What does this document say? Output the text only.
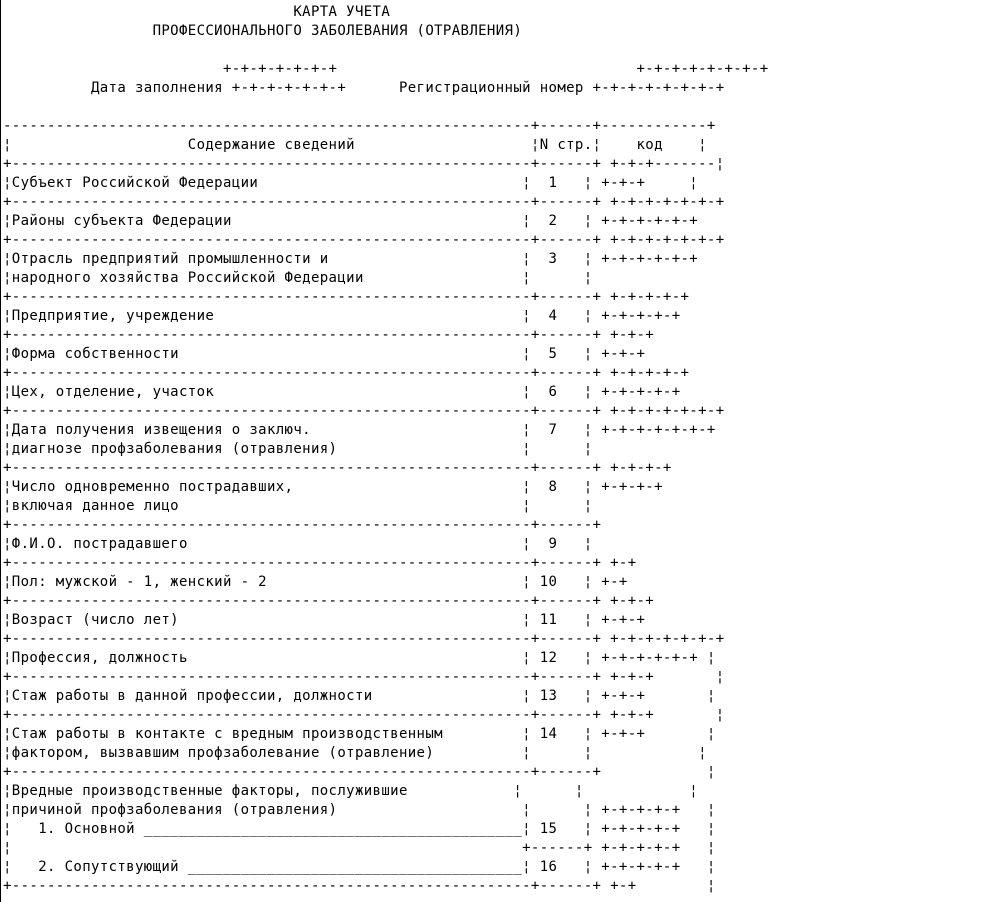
КАРТА УЧЕТА
ПРОФЕССИОНАЛЬНОГО ЗАБОЛЕВАНИЯ (ОТРАВЛЕНИЯ)

+-+-+-+-+-+-+                                  +-+-+-+-+-+-+-+
Дата заполнения +-+-+-+-+-+-+      Регистрационный номер +-+-+-+-+-+-+-+

------------------------------------------------------------+------+------------+
¦                    Содержание сведений                    ¦N стр.¦    код    ¦
+-----------------------------------------------------------+------+ +-+-+-------¦
¦Субъект Российской Федерации                              ¦  1   ¦ +-+-+     ¦
+-----------------------------------------------------------+------+ +-+-+-+-+-+-+
¦Районы субъекта Федерации                                 ¦  2   ¦ +-+-+-+-+-+
+-----------------------------------------------------------+------+ +-+-+-+-+-+-+
¦Отрасль предприятий промышленности и                      ¦  3   ¦ +-+-+-+-+-+
¦народного хозяйства Российской Федерации                  ¦      ¦
+-----------------------------------------------------------+------+ +-+-+-+-+
¦Предприятие, учреждение                                   ¦  4   ¦ +-+-+-+-+
+-----------------------------------------------------------+------+ +-+-+
¦Форма собственности                                       ¦  5   ¦ +-+-+
+-----------------------------------------------------------+------+ +-+-+-+-+
¦Цех, отделение, участок                                   ¦  6   ¦ +-+-+-+-+
+-----------------------------------------------------------+------+ +-+-+-+-+-+-+
¦Дата получения извещения о заключ.                        ¦  7   ¦ +-+-+-+-+-+-+
¦диагнозе профзаболевания (отравления)                     ¦      ¦
+-----------------------------------------------------------+------+ +-+-+-+
¦Число одновременно пострадавших,                          ¦  8   ¦ +-+-+-+
¦включая данное лицо                                       ¦      ¦
+-----------------------------------------------------------+------+
¦Ф.И.О. пострадавшего                                      ¦  9   ¦
+-----------------------------------------------------------+------+ +-+
¦Пол: мужской - 1, женский - 2                             ¦ 10   ¦ +-+
+-----------------------------------------------------------+------+ +-+-+
¦Возраст (число лет)                                       ¦ 11   ¦ +-+-+
+-----------------------------------------------------------+------+ +-+-+-+-+-+-+
¦Профессия, должность                                      ¦ 12   ¦ +-+-+-+-+-+ ¦
+-----------------------------------------------------------+------+ +-+-+       ¦
¦Стаж работы в данной профессии, должности                 ¦ 13   ¦ +-+-+       ¦
+-----------------------------------------------------------+------+ +-+-+       ¦
¦Стаж работы в контакте с вредным производственным         ¦ 14   ¦ +-+-+       ¦
¦фактором, вызвавшим профзаболевание (отравление)          ¦      ¦            ¦
+-----------------------------------------------------------+------+            ¦
¦Вредные производственные факторы, послужившие            ¦      ¦            ¦
¦причиной профзаболевания (отравления)                     ¦      ¦ +-+-+-+-+   ¦
¦   1. Основной ___________________________________________¦ 15   ¦ +-+-+-+-+   ¦
¦                                                          +------+ +-+-+-+-+   ¦
¦   2. Сопутствующий ______________________________________¦ 16   ¦ +-+-+-+-+   ¦
+-----------------------------------------------------------+------+ +-+        ¦
